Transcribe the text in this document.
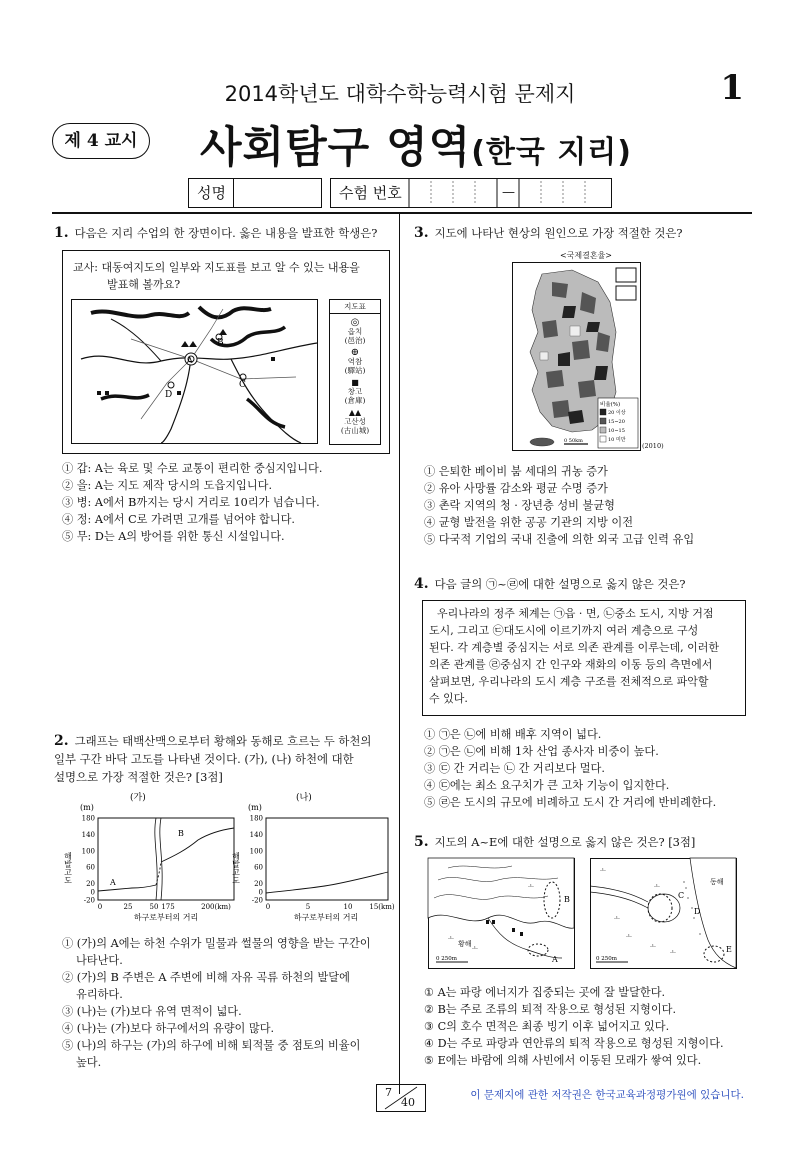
2014학년도 대학수학능력시험 문제지	1
제 4 교시 사회탐구 영역(한국 지리)
성명	수험 번호	—
1. 다음은 지리 수업의 한 장면이다. 옳은 내용을 발표한 학생은?
교사: 대동여지도의 일부와 지도표를 보고 알 수 있는 내용을
발표해 볼까요?
A
B
C
D
지도표
◎
읍치
(邑治)
⊕
역참
(驛站)
■
창고
(倉庫)
▲▲
고산성
(古山城)
① 갑: A는 육로 및 수로 교통이 편리한 중심지입니다.
② 을: A는 지도 제작 당시의 도읍지입니다.
③ 병: A에서 B까지는 당시 거리로 10리가 넘습니다.
④ 정: A에서 C로 가려면 고개를 넘어야 합니다.
⑤ 무: D는 A의 방어를 위한 통신 시설입니다.
2. 그래프는 태백산맥으로부터 황해와 동해로 흐르는 두 하천의
일부 구간 바닥 고도를 나타낸 것이다. (가), (나) 하천에 대한
설명으로 가장 적절한 것은? [3점]
(가)
(m)
180
140
100
60
20
0
-20
A
B
0	25 50 175	200(km)
하구로부터의 거리
해발고도
(나)
(m)
180
140
100
60
20
0
-20
0	5	10 15(km)
하구로부터의 거리
해발고도
① (가)의 A에는 하천 수위가 밀물과 썰물의 영향을 받는 구간이
나타난다.
② (가)의 B 주변은 A 주변에 비해 자유 곡류 하천의 발달에
유리하다.
③ (나)는 (가)보다 유역 면적이 넓다.
④ (나)는 (가)보다 하구에서의 유량이 많다.
⑤ (나)의 하구는 (가)의 하구에 비해 퇴적물 중 점토의 비율이
높다.
3. 지도에 나타난 현상의 원인으로 가장 적절한 것은?
<국제결혼율>
비율(%)
20 이상
15~20
10~15
10 미만
0 50km
(2010)
① 은퇴한 베이비 붐 세대의 귀농 증가
② 유아 사망률 감소와 평균 수명 증가
③ 촌락 지역의 청 · 장년층 성비 불균형
④ 균형 발전을 위한 공공 기관의 지방 이전
⑤ 다국적 기업의 국내 진출에 의한 외국 고급 인력 유입
4. 다음 글의 ㉠~㉣에 대한 설명으로 옳지 않은 것은?
우리나라의 정주 체계는 ㉠읍 · 면, ㉡중소 도시, 지방 거점
도시, 그리고 ㉢대도시에 이르기까지 여러 계층으로 구성
된다. 각 계층별 중심지는 서로 의존 관계를 이루는데, 이러한
의존 관계를 ㉣중심지 간 인구와 재화의 이동 등의 측면에서
살펴보면, 우리나라의 도시 계층 구조를 전체적으로 파악할
수 있다.
① ㉠은 ㉡에 비해 배후 지역이 넓다.
② ㉠은 ㉡에 비해 1차 산업 종사자 비중이 높다.
③ ㉢ 간 거리는 ㉡ 간 거리보다 멀다.
④ ㉢에는 최소 요구치가 큰 고차 기능이 입지한다.
⑤ ㉣은 도시의 규모에 비례하고 도시 간 거리에 반비례한다.
5. 지도의 A~E에 대한 설명으로 옳지 않은 것은? [3점]
ㅗ
ㅗ
ㅗ
B
A
황해
0 250m
ㅗ
ㅗ
ㅗ
ㅗ
ㅗ
ㅗ
C
D
E
동해
0 250m
① A는 파랑 에너지가 집중되는 곳에 잘 발달한다.
② B는 주로 조류의 퇴적 작용으로 형성된 지형이다.
③ C의 호수 면적은 최종 빙기 이후 넓어지고 있다.
④ D는 주로 파랑과 연안류의 퇴적 작용으로 형성된 지형이다.
⑤ E에는 바람에 의해 사빈에서 이동된 모래가 쌓여 있다.
7
40
이 문제지에 관한 저작권은 한국교육과정평가원에 있습니다.
